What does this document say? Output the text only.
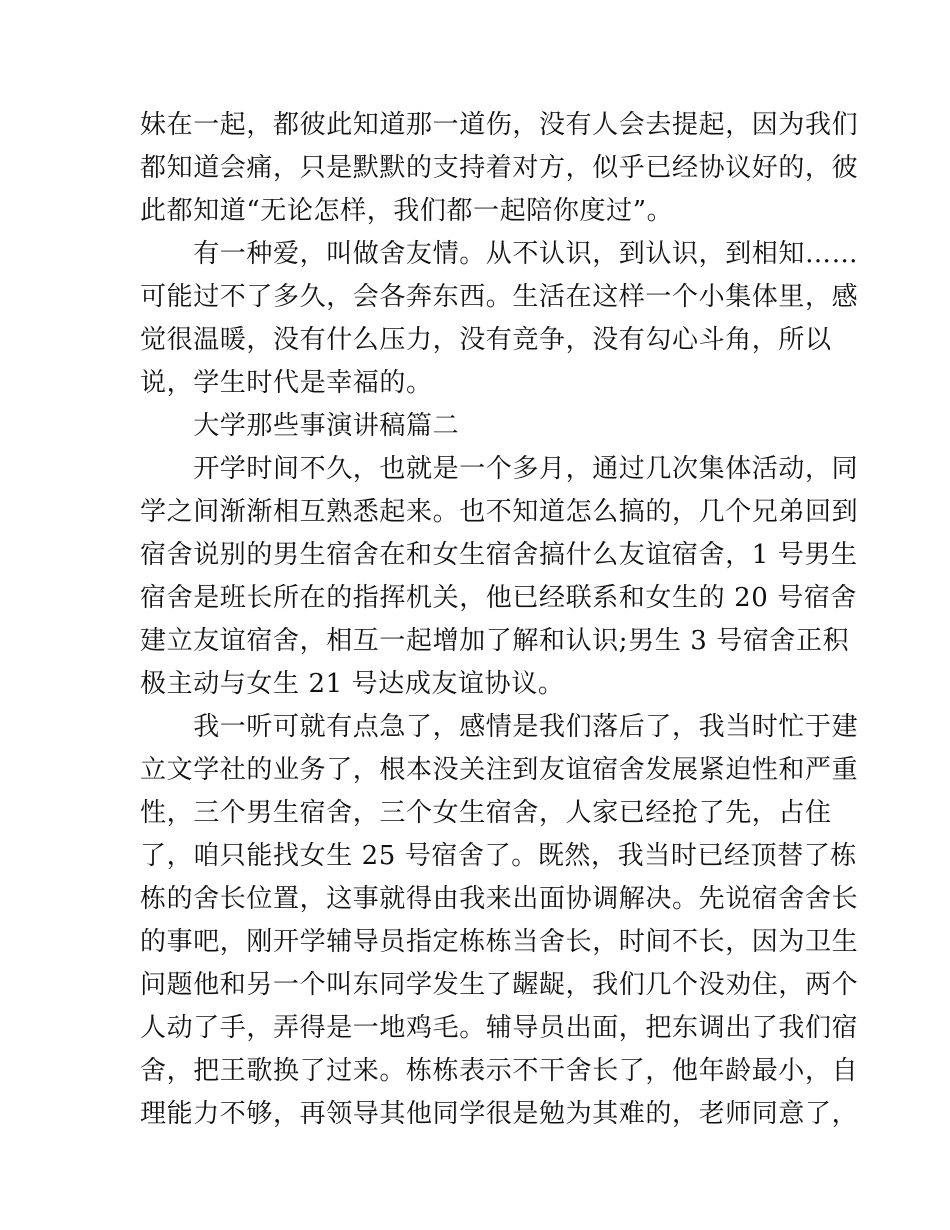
妹在一起，都彼此知道那一道伤，没有人会去提起，因为我们
都知道会痛，只是默默的支持着对方，似乎已经协议好的，彼
此都知道“无论怎样，我们都一起陪你度过”。
　　有一种爱，叫做舍友情。从不认识，到认识，到相知……
可能过不了多久，会各奔东西。生活在这样一个小集体里，感
觉很温暖，没有什么压力，没有竞争，没有勾心斗角，所以
说，学生时代是幸福的。
　　大学那些事演讲稿篇二
　　开学时间不久，也就是一个多月，通过几次集体活动，同
学之间渐渐相互熟悉起来。也不知道怎么搞的，几个兄弟回到
宿舍说别的男生宿舍在和女生宿舍搞什么友谊宿舍，1 号男生
宿舍是班长所在的指挥机关，他已经联系和女生的 20 号宿舍
建立友谊宿舍，相互一起增加了解和认识;男生 3 号宿舍正积
极主动与女生 21 号达成友谊协议。
　　我一听可就有点急了，感情是我们落后了，我当时忙于建
立文学社的业务了，根本没关注到友谊宿舍发展紧迫性和严重
性，三个男生宿舍，三个女生宿舍，人家已经抢了先，占住
了，咱只能找女生 25 号宿舍了。既然，我当时已经顶替了栋
栋的舍长位置，这事就得由我来出面协调解决。先说宿舍舍长
的事吧，刚开学辅导员指定栋栋当舍长，时间不长，因为卫生
问题他和另一个叫东同学发生了龌龊，我们几个没劝住，两个
人动了手，弄得是一地鸡毛。辅导员出面，把东调出了我们宿
舍，把王歌换了过来。栋栋表示不干舍长了，他年龄最小，自
理能力不够，再领导其他同学很是勉为其难的，老师同意了，
